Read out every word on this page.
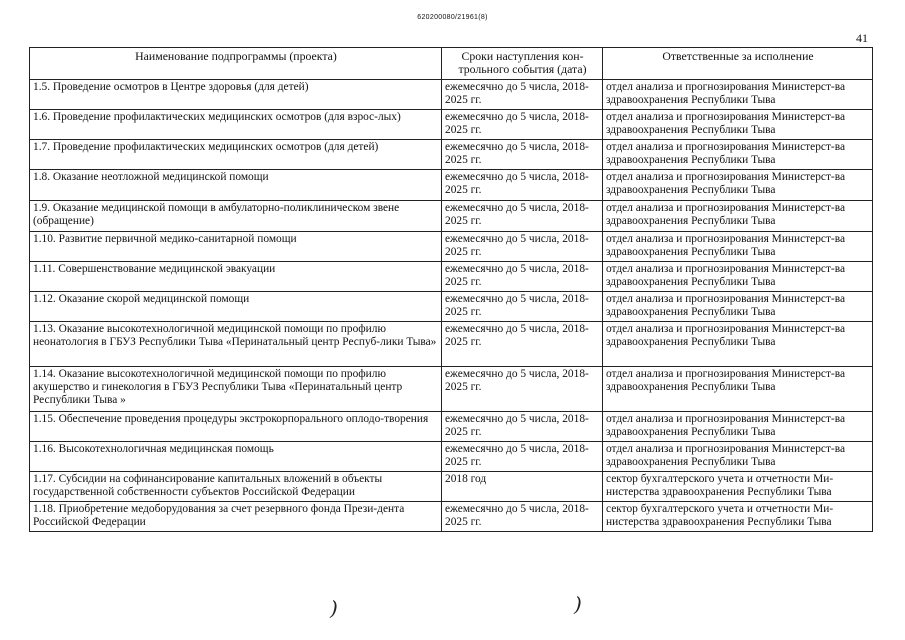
620200080/21961(8)
41
Наименование подпрограммы (проекта)	Сроки наступления кон-трольного события (дата)	Ответственные за исполнение
1.5. Проведение осмотров в Центре здоровья (для детей)	ежемесячно до 5 числа, 2018-2025 гг.	отдел анализа и прогнозирования Министерст-ва здравоохранения Республики Тыва
1.6. Проведение профилактических медицинских осмотров (для взрос-лых)	ежемесячно до 5 числа, 2018-2025 гг.	отдел анализа и прогнозирования Министерст-ва здравоохранения Республики Тыва
1.7. Проведение профилактических медицинских осмотров (для детей)	ежемесячно до 5 числа, 2018-2025 гг.	отдел анализа и прогнозирования Министерст-ва здравоохранения Республики Тыва
1.8. Оказание неотложной медицинской помощи	ежемесячно до 5 числа, 2018-2025 гг.	отдел анализа и прогнозирования Министерст-ва здравоохранения Республики Тыва
1.9. Оказание медицинской помощи в амбулаторно-поликлиническом звене (обращение)	ежемесячно до 5 числа, 2018-2025 гг.	отдел анализа и прогнозирования Министерст-ва здравоохранения Республики Тыва
1.10. Развитие первичной медико-санитарной помощи	ежемесячно до 5 числа, 2018-2025 гг.	отдел анализа и прогнозирования Министерст-ва здравоохранения Республики Тыва
1.11. Совершенствование медицинской эвакуации	ежемесячно до 5 числа, 2018-2025 гг.	отдел анализа и прогнозирования Министерст-ва здравоохранения Республики Тыва
1.12. Оказание скорой медицинской помощи	ежемесячно до 5 числа, 2018-2025 гг.	отдел анализа и прогнозирования Министерст-ва здравоохранения Республики Тыва
1.13. Оказание высокотехнологичной медицинской помощи по профилю неонатология в ГБУЗ Республики Тыва «Перинатальный центр Респуб-лики Тыва»	ежемесячно до 5 числа, 2018-2025 гг.	отдел анализа и прогнозирования Министерст-ва здравоохранения Республики Тыва
1.14. Оказание высокотехнологичной медицинской помощи по профилю акушерство и гинекология в ГБУЗ Республики Тыва «Перинатальный центр Республики Тыва »	ежемесячно до 5 числа, 2018-2025 гг.	отдел анализа и прогнозирования Министерст-ва здравоохранения Республики Тыва
1.15. Обеспечение проведения процедуры экстрокорпорального оплодо-творения	ежемесячно до 5 числа, 2018-2025 гг.	отдел анализа и прогнозирования Министерст-ва здравоохранения Республики Тыва
1.16. Высокотехнологичная медицинская помощь	ежемесячно до 5 числа, 2018-2025 гг.	отдел анализа и прогнозирования Министерст-ва здравоохранения Республики Тыва
1.17. Субсидии на софинансирование капитальных вложений в объекты государственной собственности субъектов Российской Федерации	2018 год	сектор бухгалтерского учета и отчетности Ми-нистерства здравоохранения Республики Тыва
1.18. Приобретение медоборудования за счет резервного фонда Прези-дента Российской Федерации	ежемесячно до 5 числа, 2018-2025 гг.	сектор бухгалтерского учета и отчетности Ми-нистерства здравоохранения Республики Тыва
)	)
